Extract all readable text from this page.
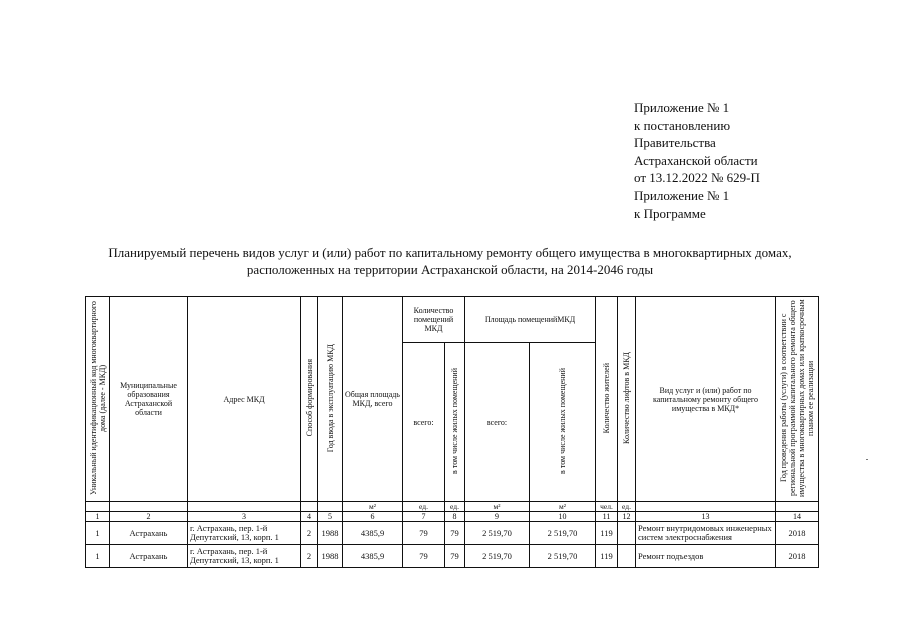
Приложение № 1
к постановлению
Правительства
Астраханской области
от 13.12.2022 № 629-П
Приложение № 1
к Программе
Планируемый перечень видов услуг и (или) работ по капитальному ремонту общего имущества в многоквартирных домах,
расположенных на территории Астраханской области, на 2014-2046 годы
Уникальный идентификационный код многоквартирного дома (далее - МКД)	Муниципальные образования Астраханской области	Адрес МКД	Способ формирования	Год ввода в эксплуатацию МКД	Общая площадь МКД, всего	Количество помещений МКД		Площадь помещенийМКД		Количество жителей	Количество лифтов в МКД	Вид услуг и (или) работ по капитальному ремонту общего имущества в МКД*	Год проведения работы (услуги) в соответствии с региональной программой капитального ремонта общего имущества в многоквартирных домах или краткосрочным планом ее реализации
						всего:	в том числе жилых помещений	всего:	в том числе жилых помещений				
					м²	ед.	ед.	м²	м²	чел.	ед.		
1	2	3	4	5	6	7	8	9	10	11	12	13	14
1	Астрахань	г. Астрахань, пер. 1-й Депутатский, 13, корп. 1	2	1988	4385,9	79	79	2 519,70	2 519,70	119		Ремонт внутридомовых инженерных систем электроснабжения	2018
1	Астрахань	г. Астрахань, пер. 1-й Депутатский, 13, корп. 1	2	1988	4385,9	79	79	2 519,70	2 519,70	119		Ремонт подъездов	2018
